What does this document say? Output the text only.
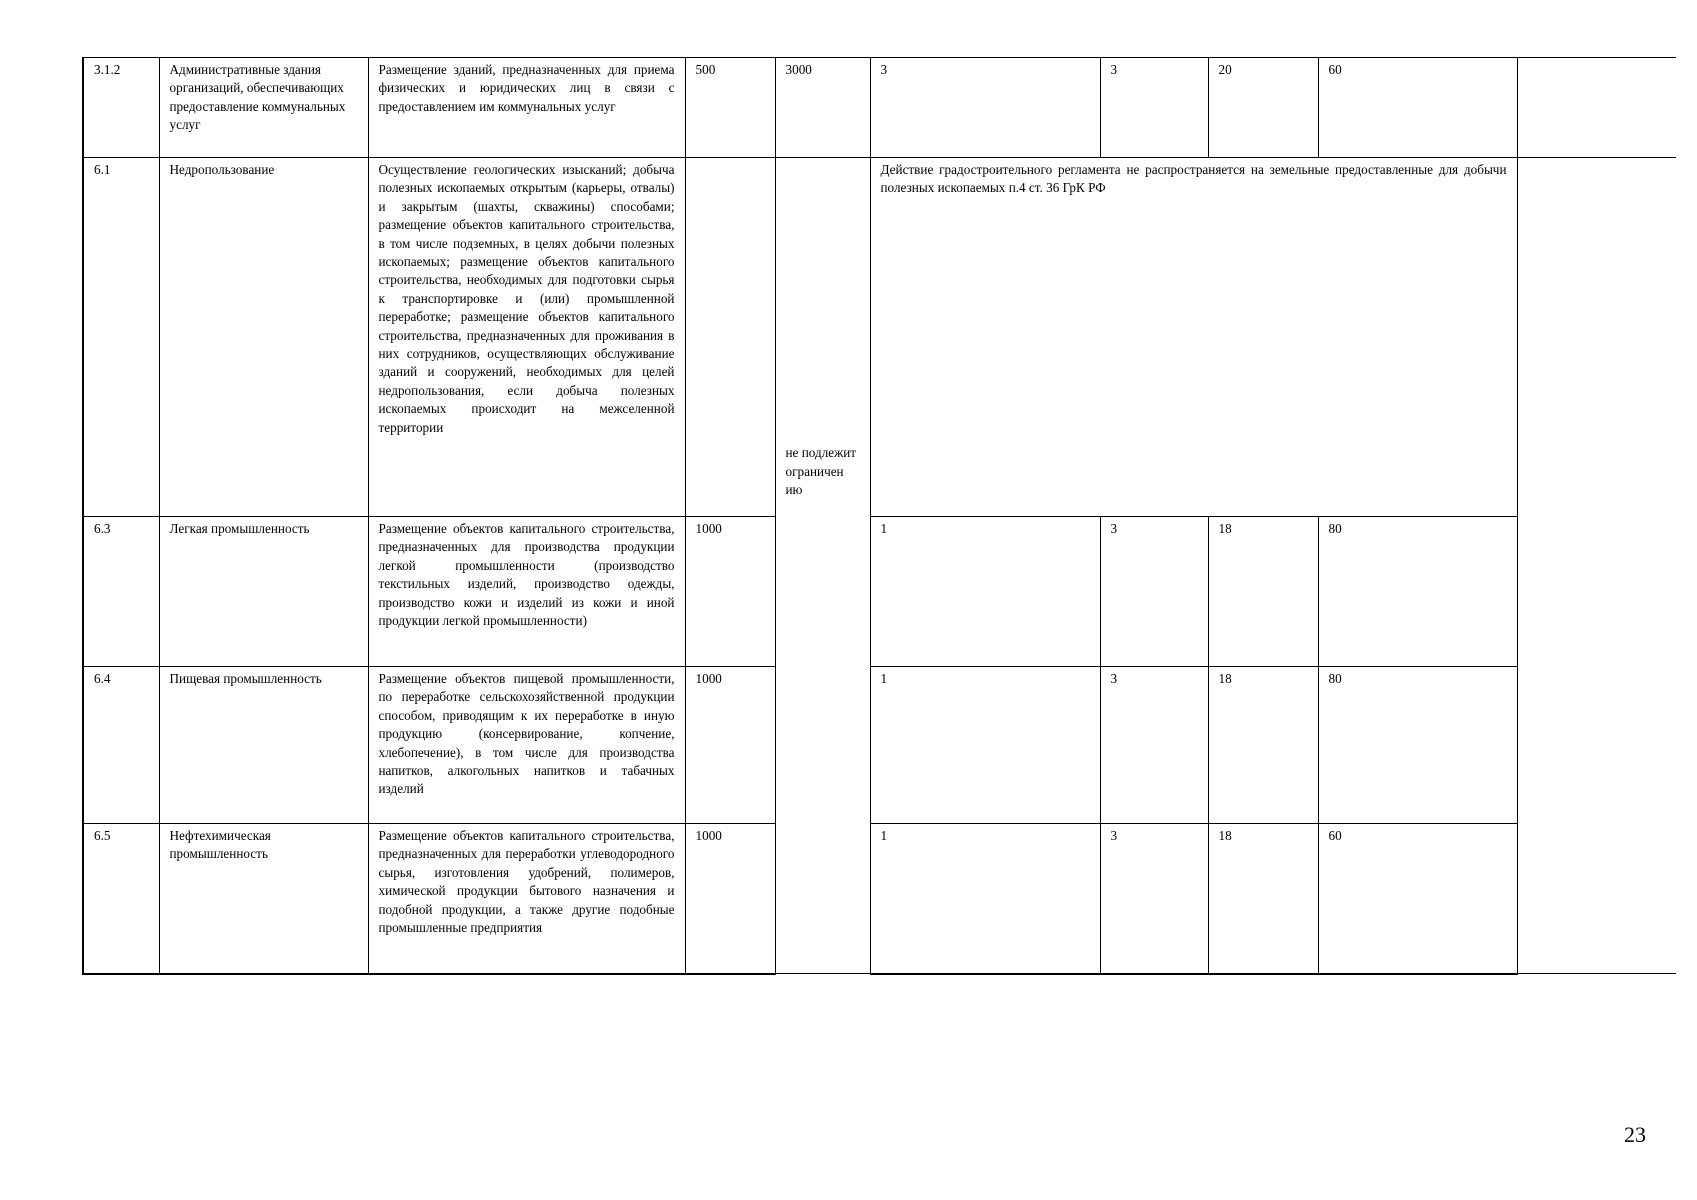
3.1.2	Административные здания организаций, обеспечивающих предоставление коммунальных услуг	Размещение зданий, предназначенных для приема физических и юридических лиц в связи с предоставлением им коммунальных услуг	500	3000	3	3	20	60	
6.1	Недропользование	Осуществление геологических изысканий; добыча полезных ископаемых открытым (карьеры, отвалы) и закрытым (шахты, скважины) способами; размещение объектов капитального строительства, в том числе подземных, в целях добычи полезных ископаемых; размещение объектов капитального строительства, необходимых для подготовки сырья к транспортировке и (или) промышленной переработке; размещение объектов капитального строительства, предназначенных для проживания в них сотрудников, осуществляющих обслуживание зданий и сооружений, необходимых для целей недропользования, если добыча полезных ископаемых происходит на межселенной территории		не подлежит ограничен ию	Действие градостроительного регламента не распространяется на земельные предоставленные для добычи полезных ископаемых п.4 ст. 36 ГрК РФ				

6.3	Легкая промышленность	Размещение объектов капитального строительства, предназначенных для производства продукции легкой промышленности (производство текстильных изделий, производство одежды, производство кожи и изделий из кожи и иной продукции легкой промышленности)	1000		1	3	18	80	
6.4	Пищевая промышленность	Размещение объектов пищевой промышленности, по переработке сельскохозяйственной продукции способом, приводящим к их переработке в иную продукцию (консервирование, копчение, хлебопечение), в том числе для производства напитков, алкогольных напитков и табачных изделий	1000		1	3	18	80	
6.5	Нефтехимическая промышленность	Размещение объектов капитального строительства, предназначенных для переработки углеводородного сырья, изготовления удобрений, полимеров, химической продукции бытового назначения и подобной продукции, а также другие подобные промышленные предприятия	1000		1	3	18	60	
23
